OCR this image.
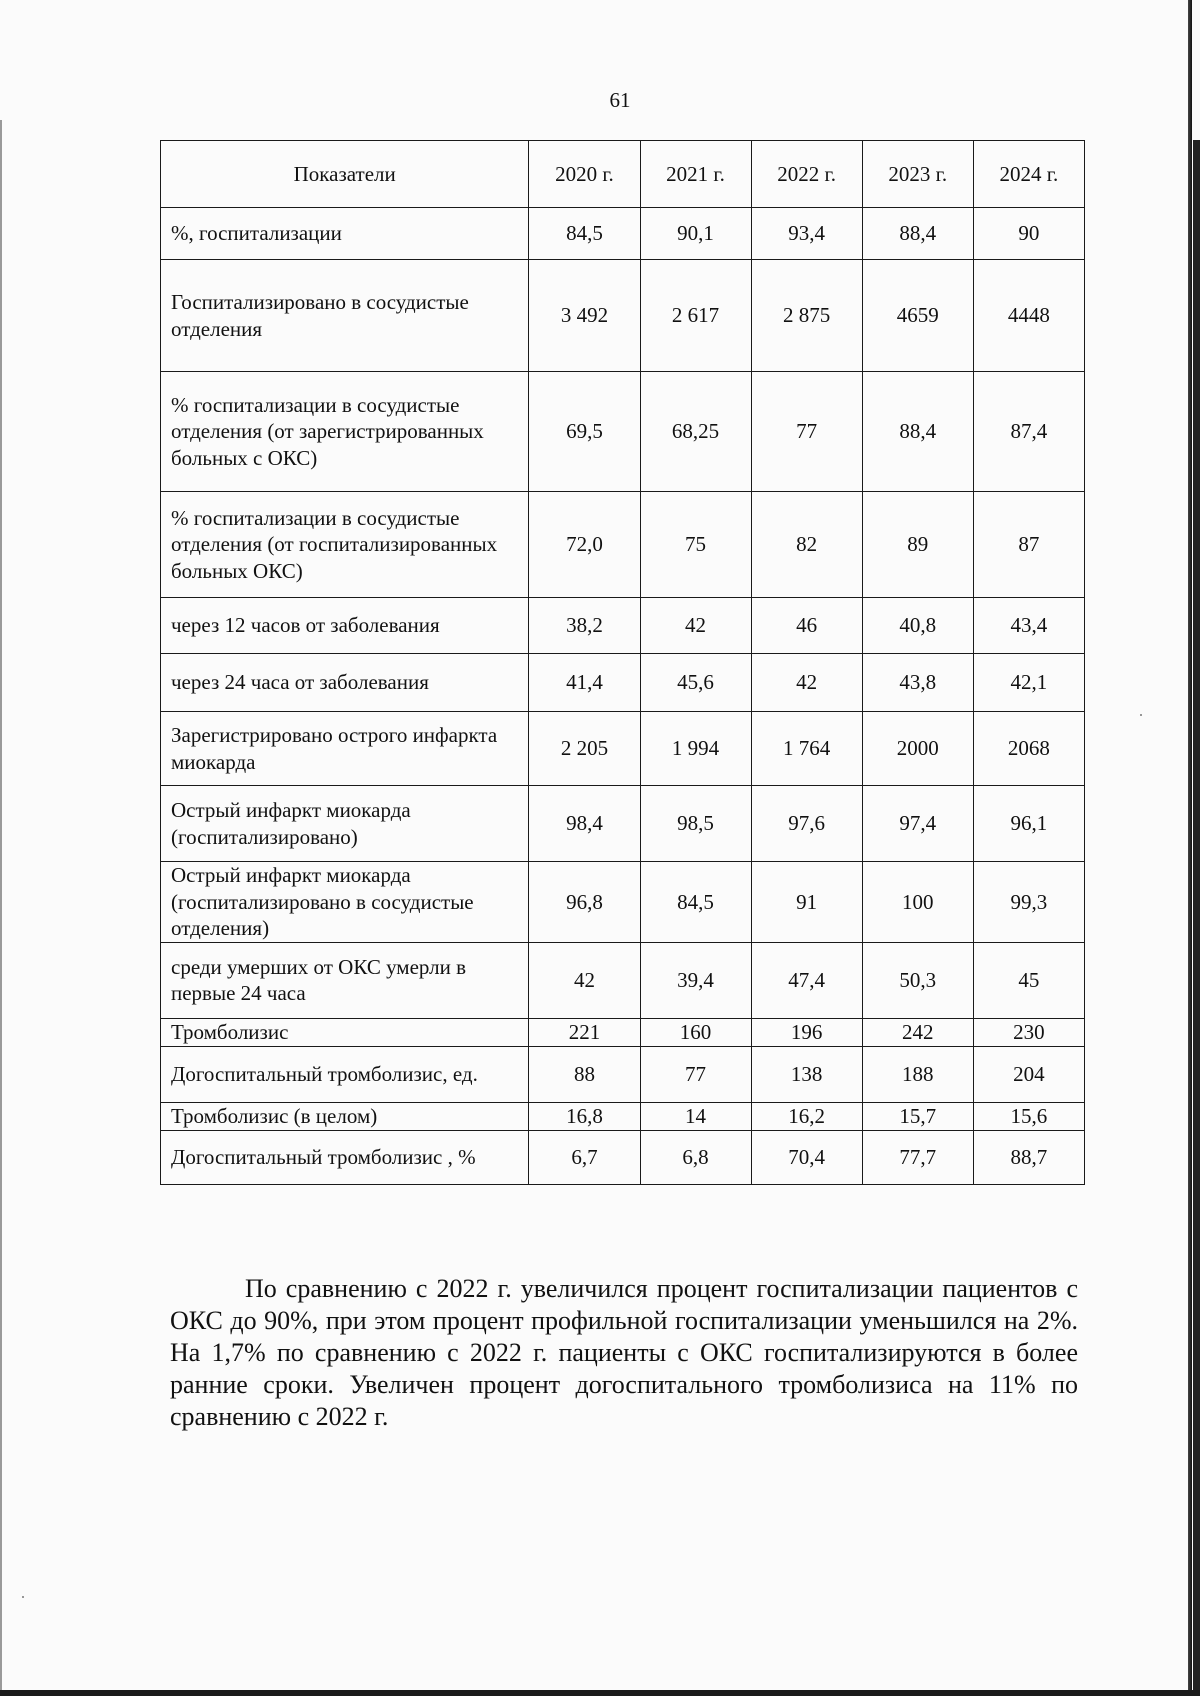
61
Показатели	2020 г.	2021 г.	2022 г.	2023 г.	2024 г.
%, госпитализации	84,5	90,1	93,4	88,4	90
Госпитализировано в сосудистые отделения	3 492	2 617	2 875	4659	4448
% госпитализации в сосудистые отделения (от зарегистрированных больных с ОКС)	69,5	68,25	77	88,4	87,4
% госпитализации в сосудистые отделения (от госпитализированных больных ОКС)	72,0	75	82	89	87
через 12 часов от заболевания	38,2	42	46	40,8	43,4
через 24 часа от заболевания	41,4	45,6	42	43,8	42,1
Зарегистрировано острого инфаркта миокарда	2 205	1 994	1 764	2000	2068
Острый инфаркт миокарда (госпитализировано)	98,4	98,5	97,6	97,4	96,1
Острый инфаркт миокарда (госпитализировано в сосудистые отделения)	96,8	84,5	91	100	99,3
среди умерших от ОКС умерли в первые 24 часа	42	39,4	47,4	50,3	45
Тромболизис	221	160	196	242	230
Догоспитальный тромболизис, ед.	88	77	138	188	204
Тромболизис (в целом)	16,8	14	16,2	15,7	15,6
Догоспитальный тромболизис , %	6,7	6,8	70,4	77,7	88,7

По сравнению с 2022 г. увеличился процент госпитализации пациентов с ОКС до 90%, при этом процент профильной госпитализации уменьшился на 2%. На 1,7% по сравнению с 2022 г. пациенты с ОКС госпитализируются в более ранние сроки. Увеличен процент догоспитального тромболизиса на 11% по сравнению с 2022 г.
